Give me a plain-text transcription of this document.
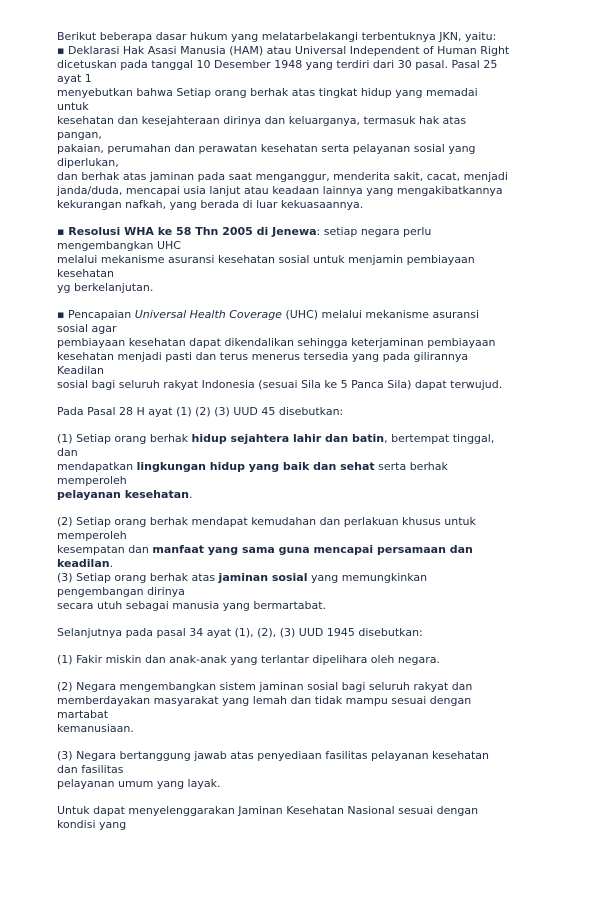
Berikut beberapa dasar hukum yang melatarbelakangi terbentuknya JKN, yaitu:
▪ Deklarasi Hak Asasi Manusia (HAM) atau Universal Independent of Human Right
dicetuskan pada tanggal 10 Desember 1948 yang terdiri dari 30 pasal. Pasal 25
ayat 1
menyebutkan bahwa Setiap orang berhak atas tingkat hidup yang memadai
untuk
kesehatan dan kesejahteraan dirinya dan keluarganya, termasuk hak atas
pangan,
pakaian, perumahan dan perawatan kesehatan serta pelayanan sosial yang
diperlukan,
dan berhak atas jaminan pada saat menganggur, menderita sakit, cacat, menjadi
janda/duda, mencapai usia lanjut atau keadaan lainnya yang mengakibatkannya
kekurangan nafkah, yang berada di luar kekuasaannya.
▪ Resolusi WHA ke 58 Thn 2005 di Jenewa: setiap negara perlu
mengembangkan UHC
melalui mekanisme asuransi kesehatan sosial untuk menjamin pembiayaan
kesehatan
yg berkelanjutan.
▪ Pencapaian Universal Health Coverage (UHC) melalui mekanisme asuransi
sosial agar
pembiayaan kesehatan dapat dikendalikan sehingga keterjaminan pembiayaan
kesehatan menjadi pasti dan terus menerus tersedia yang pada gilirannya
Keadilan
sosial bagi seluruh rakyat Indonesia (sesuai Sila ke 5 Panca Sila) dapat terwujud.
Pada Pasal 28 H ayat (1) (2) (3) UUD 45 disebutkan:
(1) Setiap orang berhak hidup sejahtera lahir dan batin, bertempat tinggal,
dan
mendapatkan lingkungan hidup yang baik dan sehat serta berhak
memperoleh
pelayanan kesehatan.
(2) Setiap orang berhak mendapat kemudahan dan perlakuan khusus untuk
memperoleh
kesempatan dan manfaat yang sama guna mencapai persamaan dan
keadilan.
(3) Setiap orang berhak atas jaminan sosial yang memungkinkan
pengembangan dirinya
secara utuh sebagai manusia yang bermartabat.
Selanjutnya pada pasal 34 ayat (1), (2), (3) UUD 1945 disebutkan:
(1) Fakir miskin dan anak-anak yang terlantar dipelihara oleh negara.
(2) Negara mengembangkan sistem jaminan sosial bagi seluruh rakyat dan
memberdayakan masyarakat yang lemah dan tidak mampu sesuai dengan
martabat
kemanusiaan.
(3) Negara bertanggung jawab atas penyediaan fasilitas pelayanan kesehatan
dan fasilitas
pelayanan umum yang layak.
Untuk dapat menyelenggarakan Jaminan Kesehatan Nasional sesuai dengan
kondisi yang
